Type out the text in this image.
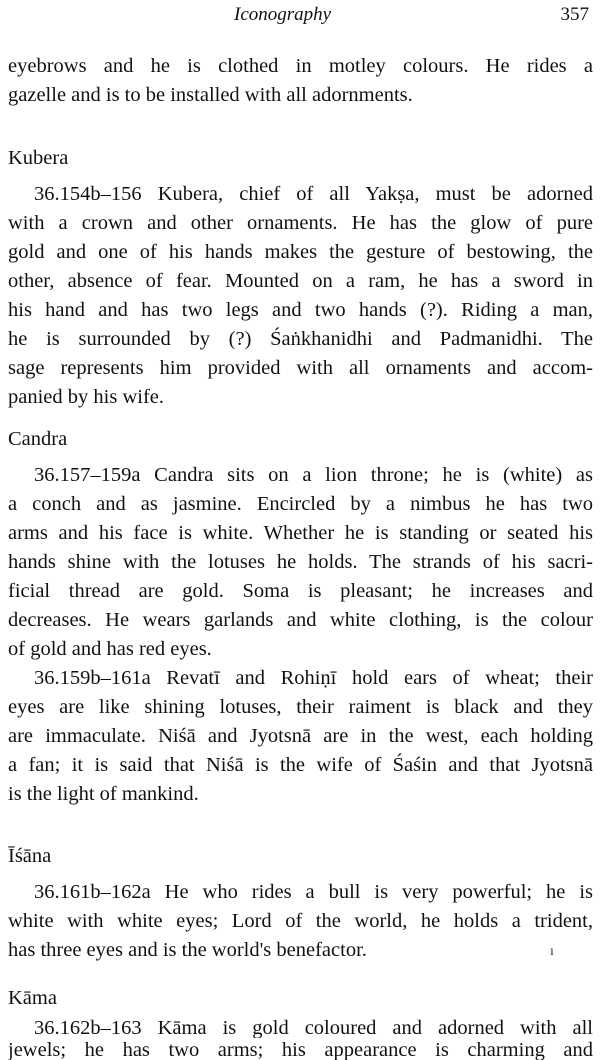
Iconography	357
eyebrows and he is clothed in motley colours. He rides a
gazelle and is to be installed with all adornments.
Kubera
36.154b–156 Kubera, chief of all Yakṣa, must be adorned
with a crown and other ornaments. He has the glow of pure
gold and one of his hands makes the gesture of bestowing, the
other, absence of fear. Mounted on a ram, he has a sword in
his hand and has two legs and two hands (?). Riding a man,
he is surrounded by (?) Śaṅkhanidhi and Padmanidhi. The
sage represents him provided with all ornaments and accom-
panied by his wife.
Candra
36.157–159a Candra sits on a lion throne; he is (white) as
a conch and as jasmine. Encircled by a nimbus he has two
arms and his face is white. Whether he is standing or seated his
hands shine with the lotuses he holds. The strands of his sacri-
ficial thread are gold. Soma is pleasant; he increases and
decreases. He wears garlands and white clothing, is the colour
of gold and has red eyes.
36.159b–161a Revatī and Rohiṇī hold ears of wheat; their
eyes are like shining lotuses, their raiment is black and they
are immaculate. Niśā and Jyotsnā are in the west, each holding
a fan; it is said that Niśā is the wife of Śaśin and that Jyotsnā
is the light of mankind.
Īśāna
36.161b–162a He who rides a bull is very powerful; he is
white with white eyes; Lord of the world, he holds a trident,
has three eyes and is the world's benefactor.	ı
Kāma
36.162b–163 Kāma is gold coloured and adorned with all
jewels; he has two arms; his appearance is charming and
